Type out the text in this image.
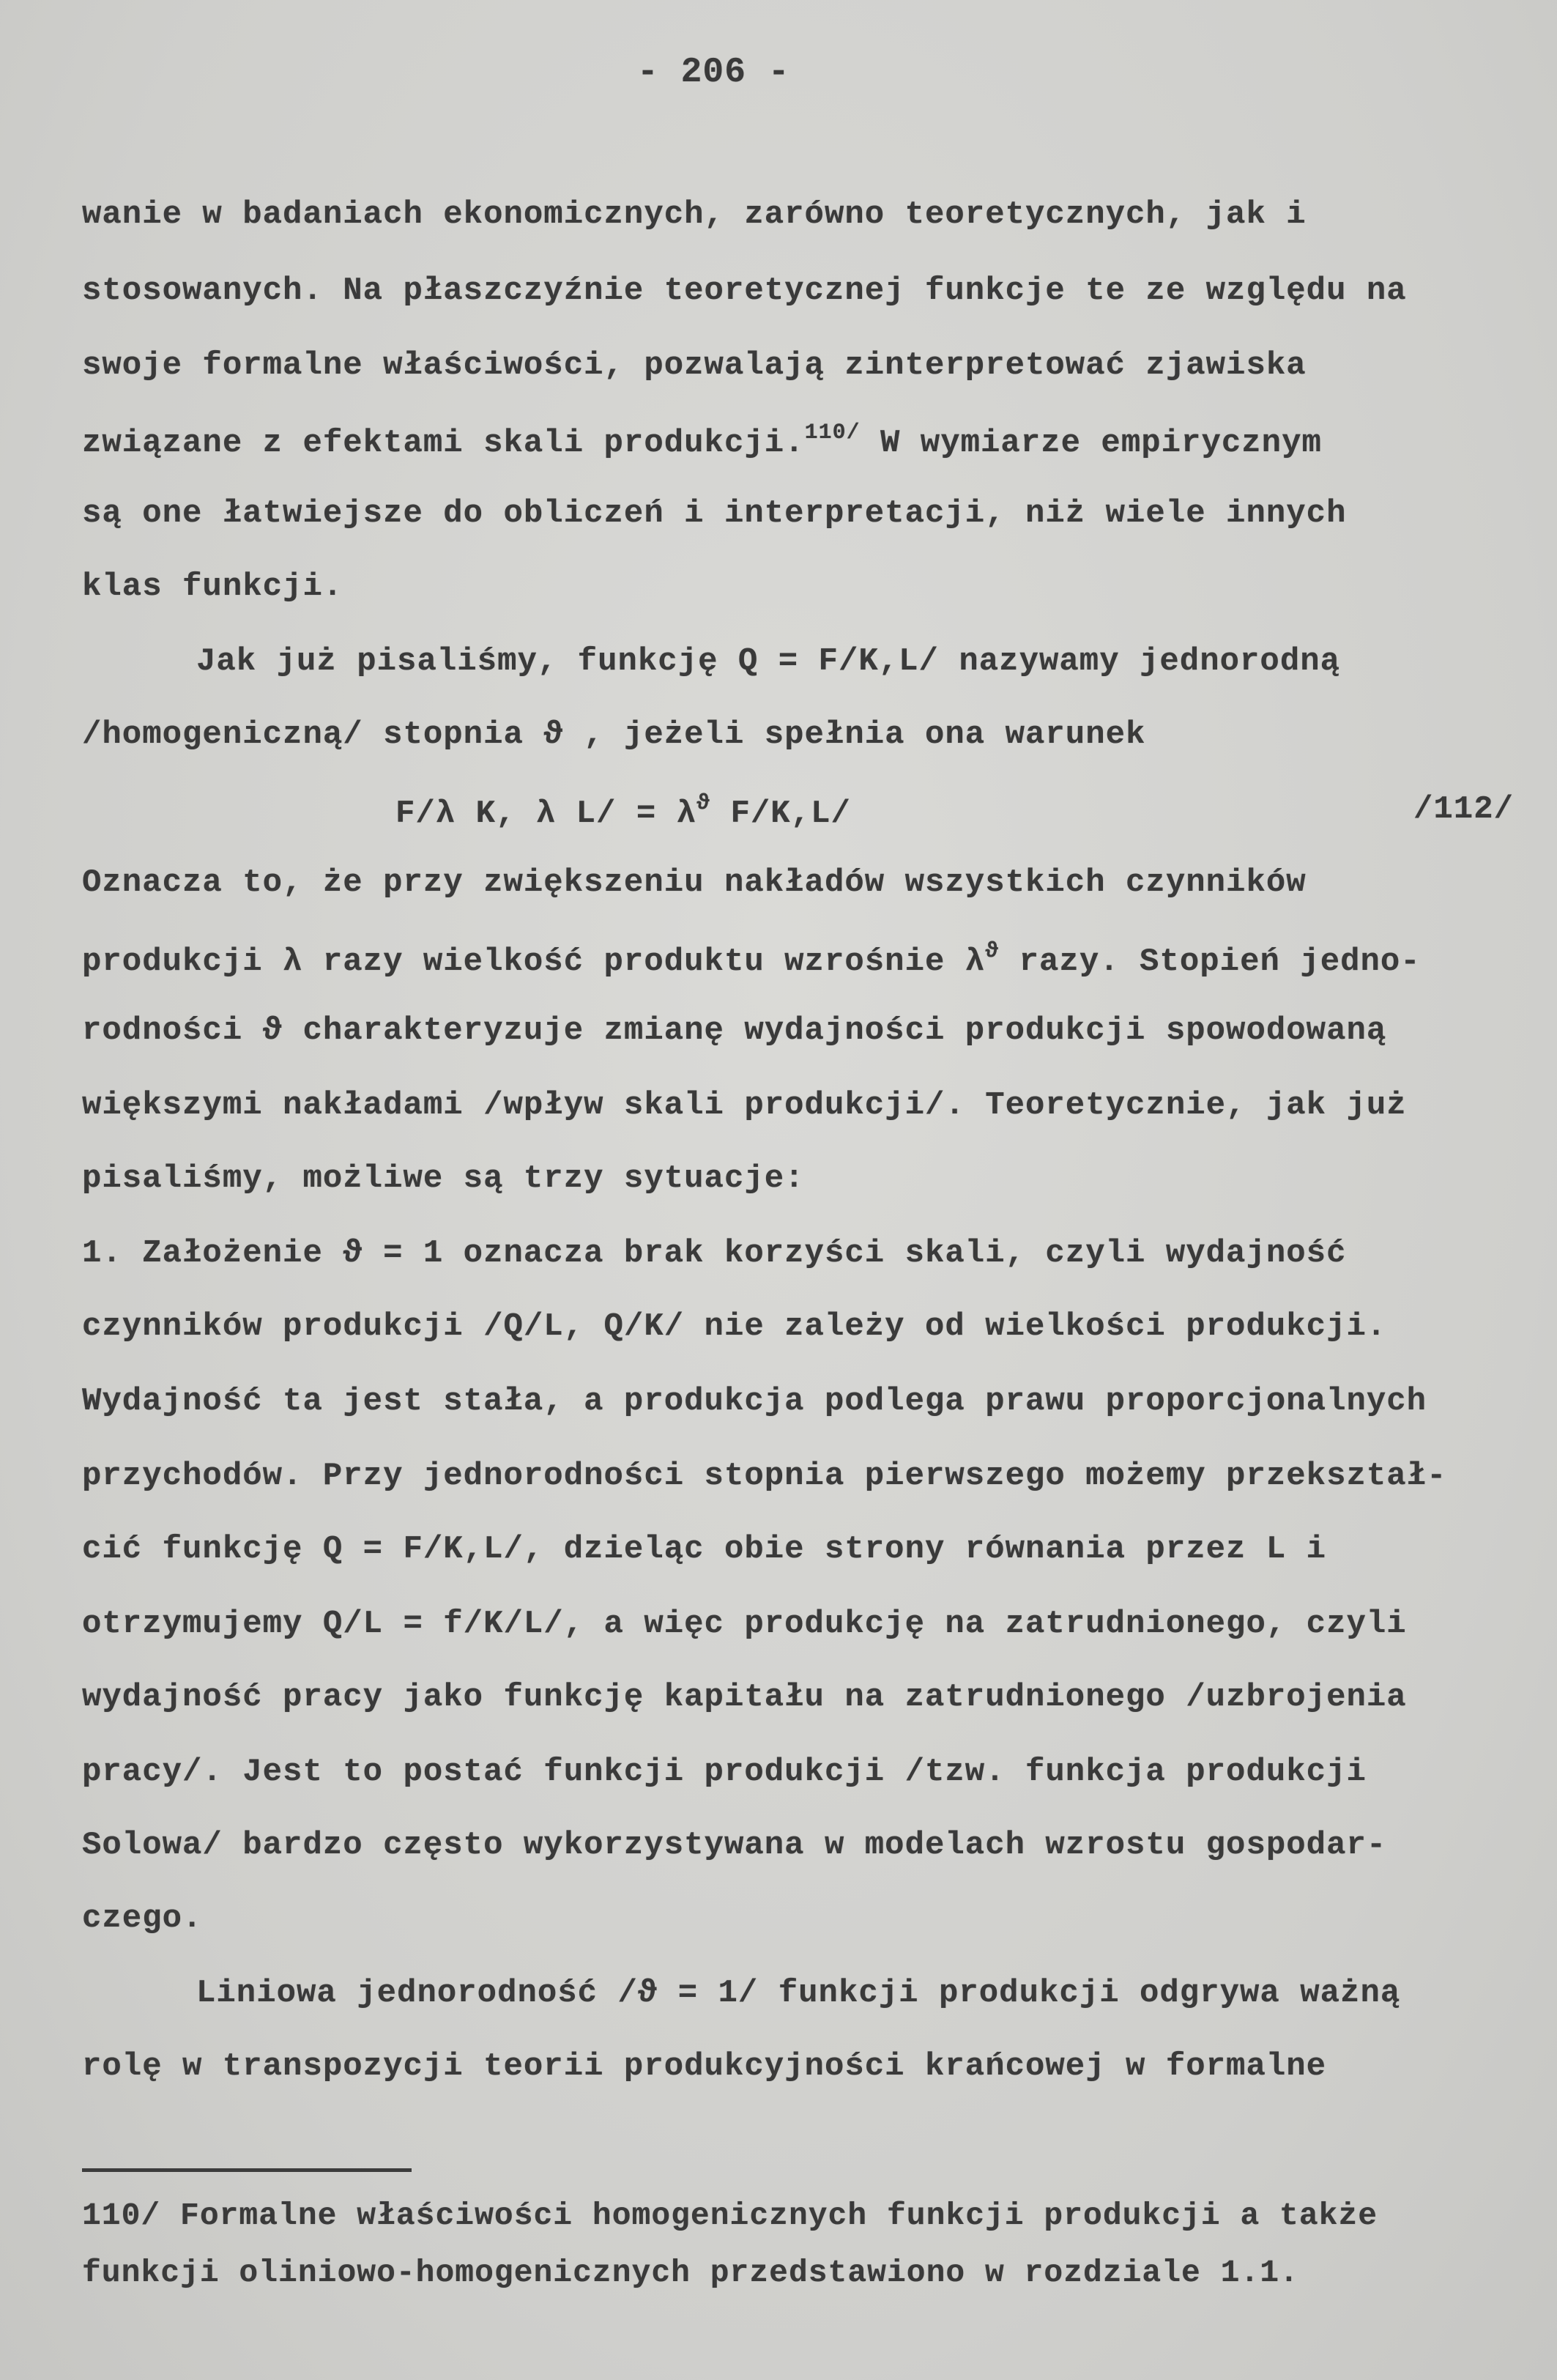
- 206 -
wanie w badaniach ekonomicznych, zarówno teoretycznych, jak i
stosowanych. Na płaszczyźnie teoretycznej funkcje te ze względu na
swoje formalne właściwości, pozwalają zinterpretować zjawiska
związane z efektami skali produkcji.$^{110/}$ W wymiarze empirycznym
są one łatwiejsze do obliczeń i interpretacji, niż wiele innych
klas funkcji.
Jak już pisaliśmy, funkcję Q = F/K,L/ nazywamy jednorodną
/homogeniczną/ stopnia ϑ , jeżeli spełnia ona warunek
F/λ K, λ $L/ = \lambda^ϑ$ F/K,L/	/112/
Oznacza to, że przy zwiększeniu nakładów wszystkich czynników
produkcji λ razy wielkość produktu wzrośnie $\lambda^ϑ$ razy. Stopień jedno-
rodności ϑ charakteryzuje zmianę wydajności produkcji spowodowaną
większymi nakładami /wpływ skali produkcji/. Teoretycznie, jak już
pisaliśmy, możliwe są trzy sytuacje:
1. Założenie ϑ = 1 oznacza brak korzyści skali, czyli wydajność
czynników produkcji /Q/L, Q/K/ nie zależy od wielkości produkcji.
Wydajność ta jest stała, a produkcja podlega prawu proporcjonalnych
przychodów. Przy jednorodności stopnia pierwszego możemy przekształ-
cić funkcję Q = F/K,L/, dzieląc obie strony równania przez L i
otrzymujemy Q/L = f/K/L/, a więc produkcję na zatrudnionego, czyli
wydajność pracy jako funkcję kapitału na zatrudnionego /uzbrojenia
pracy/. Jest to postać funkcji produkcji /tzw. funkcja produkcji
Solowa/ bardzo często wykorzystywana w modelach wzrostu gospodar-
czego.
Liniowa jednorodność /ϑ = 1/ funkcji produkcji odgrywa ważną
rolę w transpozycji teorii produkcyjności krańcowej w formalne
110/ Formalne właściwości homogenicznych funkcji produkcji a także
funkcji oliniowo-homogenicznych przedstawiono w rozdziale 1.1.
